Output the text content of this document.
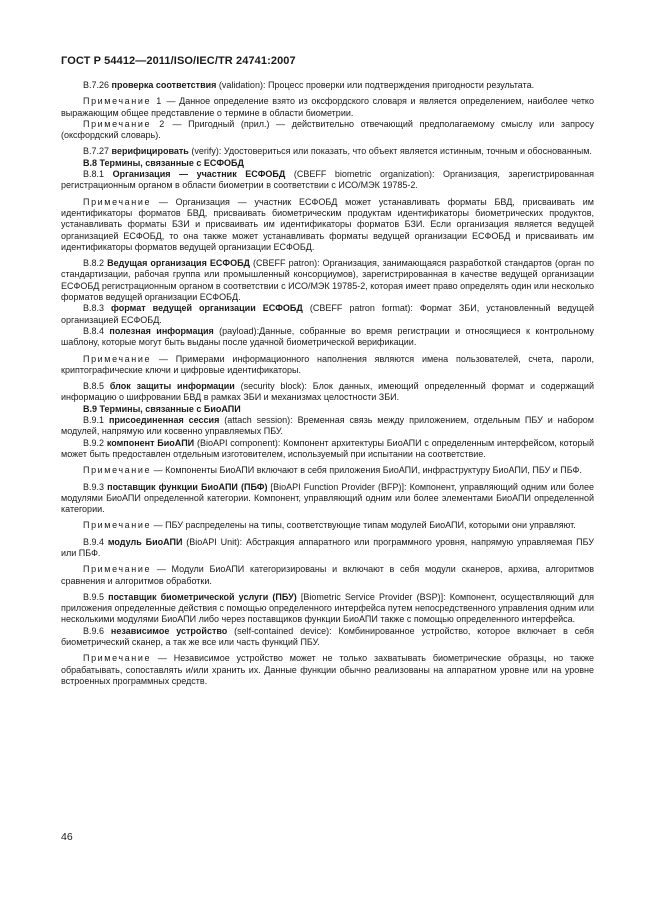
ГОСТ Р 54412—2011/ISO/IEC/TR 24741:2007

B.7.26 проверка соответствия (validation): Процесс проверки или подтверждения пригодности результата.

Примечание 1 — Данное определение взято из оксфордского словаря и является определением, наиболее четко выражающим общее представление о термине в области биометрии.

Примечание 2 — Пригодный (прил.) — действительно отвечающий предполагаемому смыслу или запросу (оксфордский словарь).

B.7.27 верифицировать (verify): Удостовериться или показать, что объект является истинным, точным и обоснованным.

B.8 Термины, связанные с ЕСФОБД

B.8.1 Организация — участник ЕСФОБД (CBEFF biometric organization): Организация, зарегистрированная регистрационным органом в области биометрии в соответствии с ИСО/МЭК 19785-2.

Примечание — Организация — участник ЕСФОБД может устанавливать форматы БВД, присваивать им идентификаторы форматов БВД, присваивать биометрическим продуктам идентификаторы биометрических продуктов, устанавливать форматы БЗИ и присваивать им идентификаторы форматов БЗИ. Если организация является ведущей организацией ЕСФОБД, то она также может устанавливать форматы ведущей организации ЕСФОБД и присваивать им идентификаторы форматов ведущей организации ЕСФОБД.

B.8.2 Ведущая организация ЕСФОБД (CBEFF patron): Организация, занимающаяся разработкой стандартов (орган по стандартизации, рабочая группа или промышленный консорциумов), зарегистрированная в качестве ведущей организации ЕСФОБД регистрационным органом в соответствии с ИСО/МЭК 19785-2, которая имеет право определять один или несколько форматов ведущей организации ЕСФОБД.

B.8.3 формат ведущей организации ЕСФОБД (CBEFF patron format): Формат ЗБИ, установленный ведущей организацией ЕСФОБД.

B.8.4 полезная информация (payload):Данные, собранные во время регистрации и относящиеся к контрольному шаблону, которые могут быть выданы после удачной биометрической верификации.

Примечание — Примерами информационного наполнения являются имена пользователей, счета, пароли, криптографические ключи и цифровые идентификаторы.

B.8.5 блок защиты информации (security block): Блок данных, имеющий определенный формат и содержащий информацию о шифровании БВД в рамках ЗБИ и механизмах целостности ЗБИ.

B.9 Термины, связанные с БиоАПИ

B.9.1 присоединенная сессия (attach session): Временная связь между приложением, отдельным ПБУ и набором модулей, напрямую или косвенно управляемых ПБУ.

B.9.2 компонент БиоАПИ (BioAPI component): Компонент архитектуры БиоАПИ с определенным интерфейсом, который может быть предоставлен отдельным изготовителем, используемый при испытании на соответствие.

Примечание — Компоненты БиоАПИ включают в себя приложения БиоАПИ, инфраструктуру БиоАПИ, ПБУ и ПБФ.

B.9.3 поставщик функции БиоАПИ (ПБФ) [BioAPI Function Provider (BFP)]: Компонент, управляющий одним или более модулями БиоАПИ определенной категории. Компонент, управляющий одним или более элементами БиоАПИ определенной категории.

Примечание — ПБУ распределены на типы, соответствующие типам модулей БиоАПИ, которыми они управляют.

B.9.4 модуль БиоАПИ (BioAPI Unit): Абстракция аппаратного или программного уровня, напрямую управляемая ПБУ или ПБФ.

Примечание — Модули БиоАПИ категоризированы и включают в себя модули сканеров, архива, алгоритмов сравнения и алгоритмов обработки.

B.9.5 поставщик биометрической услуги (ПБУ) [Biometric Service Provider (BSP)]: Компонент, осуществляющий для приложения определенные действия с помощью определенного интерфейса путем непосредственного управления одним или несколькими модулями БиоАПИ либо через поставщиков функции БиоАПИ также с помощью определенного интерфейса.

B.9.6 независимое устройство (self-contained device): Комбинированное устройство, которое включает в себя биометрический сканер, а так же все или часть функций ПБУ.

Примечание — Независимое устройство может не только захватывать биометрические образцы, но также обрабатывать, сопоставлять и/или хранить их. Данные функции обычно реализованы на аппаратном уровне или на уровне встроенных программных средств.

46
